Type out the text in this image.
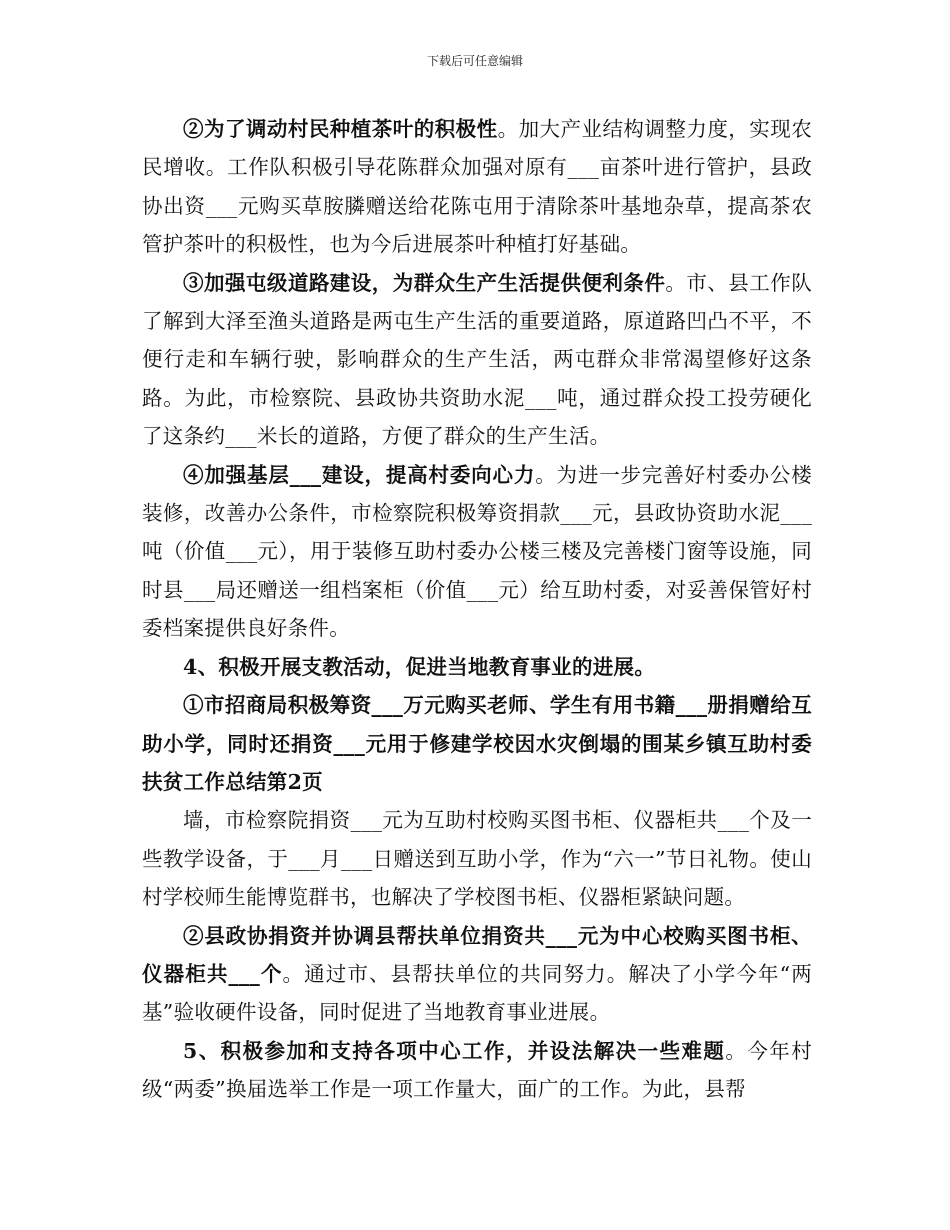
下载后可任意编辑

②为了调动村民种植茶叶的积极性。加大产业结构调整力度，实现农民增收。工作队积极引导花陈群众加强对原有___亩茶叶进行管护，县政协出资___元购买草胺膦赠送给花陈屯用于清除茶叶基地杂草，提高茶农管护茶叶的积极性，也为今后进展茶叶种植打好基础。

③加强屯级道路建设，为群众生产生活提供便利条件。市、县工作队了解到大泽至渔头道路是两屯生产生活的重要道路，原道路凹凸不平，不便行走和车辆行驶，影响群众的生产生活，两屯群众非常渴望修好这条路。为此，市检察院、县政协共资助水泥___吨，通过群众投工投劳硬化了这条约___米长的道路，方便了群众的生产生活。

④加强基层___建设，提高村委向心力。为进一步完善好村委办公楼装修，改善办公条件，市检察院积极筹资捐款___元，县政协资助水泥___吨（价值___元），用于装修互助村委办公楼三楼及完善楼门窗等设施，同时县___局还赠送一组档案柜（价值___元）给互助村委，对妥善保管好村委档案提供良好条件。

4、积极开展支教活动，促进当地教育事业的进展。

①市招商局积极筹资___万元购买老师、学生有用书籍___册捐赠给互助小学，同时还捐资___元用于修建学校因水灾倒塌的围某乡镇互助村委扶贫工作总结第2页

墙，市检察院捐资___元为互助村校购买图书柜、仪器柜共___个及一些教学设备，于___月___日赠送到互助小学，作为“六一”节日礼物。使山村学校师生能博览群书，也解决了学校图书柜、仪器柜紧缺问题。

②县政协捐资并协调县帮扶单位捐资共___元为中心校购买图书柜、仪器柜共___个。通过市、县帮扶单位的共同努力。解决了小学今年“两基”验收硬件设备，同时促进了当地教育事业进展。

5、积极参加和支持各项中心工作，并设法解决一些难题。今年村级“两委”换届选举工作是一项工作量大，面广的工作。为此，县帮
